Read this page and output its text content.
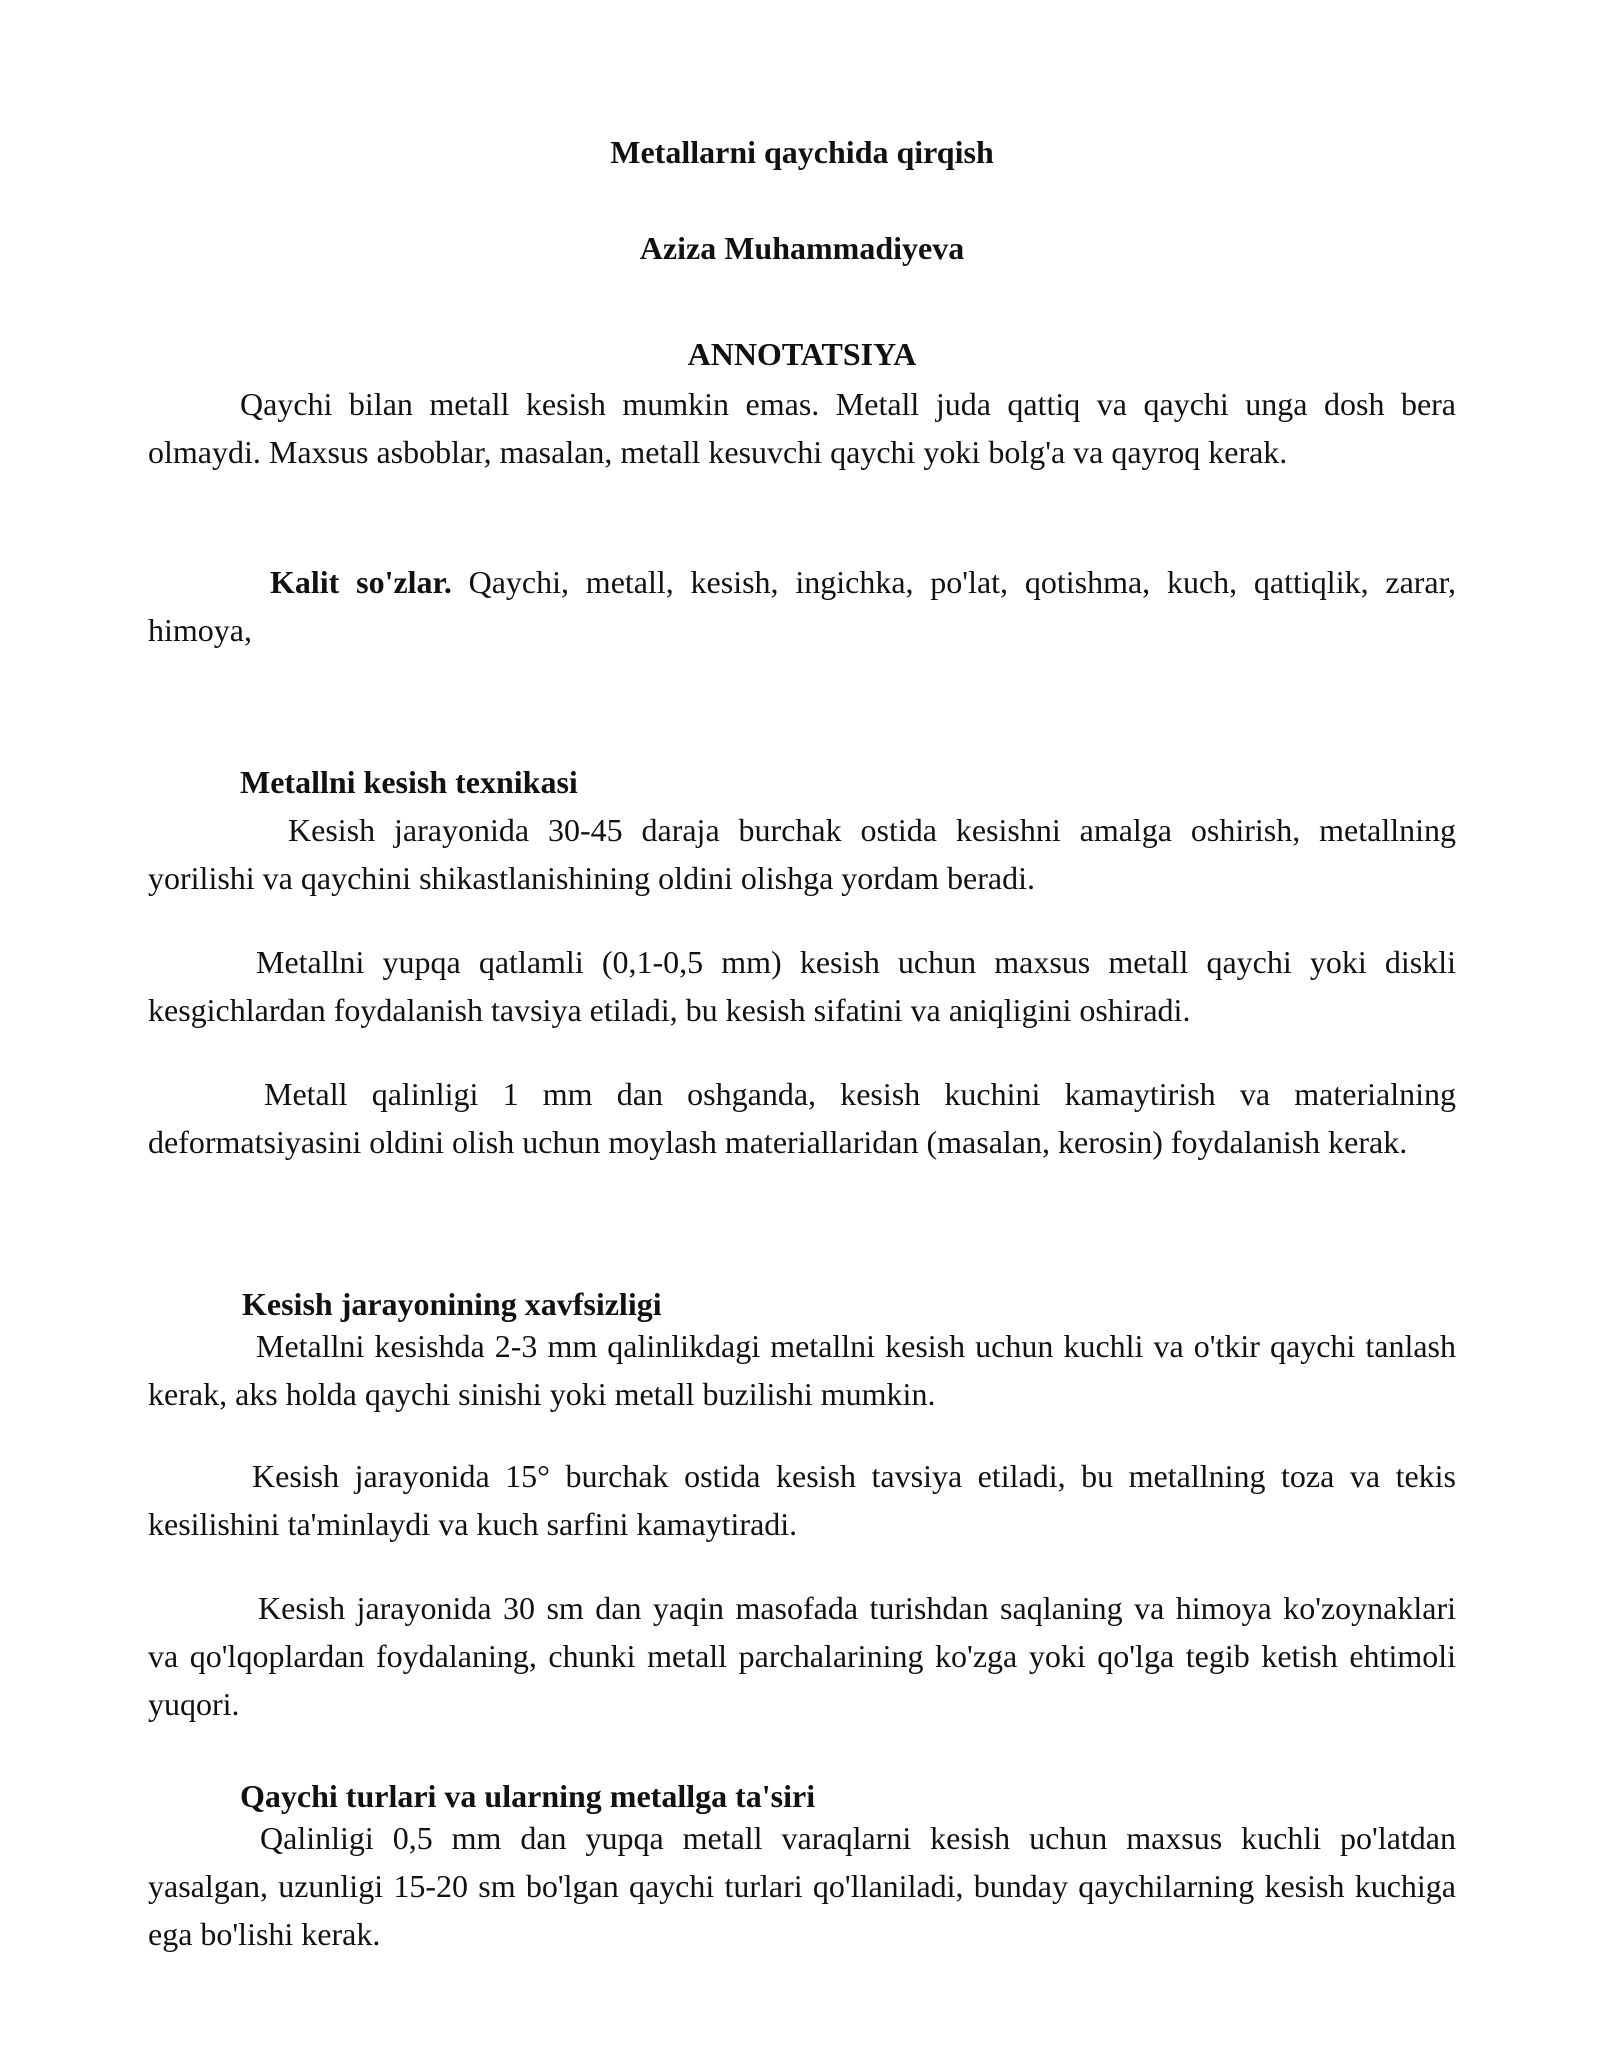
Metallarni qaychida qirqish
Aziza Muhammadiyeva
ANNOTATSIYA

Qaychi bilan metall kesish mumkin emas. Metall juda qattiq va qaychi unga dosh bera olmaydi. Maxsus asboblar, masalan, metall kesuvchi qaychi yoki bolg'a va qayroq kerak.

Kalit so'zlar. Qaychi, metall, kesish, ingichka, po'lat, qotishma, kuch, qattiqlik, zarar, himoya,

Metallni kesish texnikasi

Kesish jarayonida 30-45 daraja burchak ostida kesishni amalga oshirish, metallning yorilishi va qaychini shikastlanishining oldini olishga yordam beradi.

Metallni yupqa qatlamli (0,1-0,5 mm) kesish uchun maxsus metall qaychi yoki diskli kesgichlardan foydalanish tavsiya etiladi, bu kesish sifatini va aniqligini oshiradi.

Metall qalinligi 1 mm dan oshganda, kesish kuchini kamaytirish va materialning deformatsiyasini oldini olish uchun moylash materiallaridan (masalan, kerosin) foydalanish kerak.

Kesish jarayonining xavfsizligi

Metallni kesishda 2-3 mm qalinlikdagi metallni kesish uchun kuchli va o'tkir qaychi tanlash kerak, aks holda qaychi sinishi yoki metall buzilishi mumkin.

Kesish jarayonida 15° burchak ostida kesish tavsiya etiladi, bu metallning toza va tekis kesilishini ta'minlaydi va kuch sarfini kamaytiradi.

Kesish jarayonida 30 sm dan yaqin masofada turishdan saqlaning va himoya ko'zoynaklari va qo'lqoplardan foydalaning, chunki metall parchalarining ko'zga yoki qo'lga tegib ketish ehtimoli yuqori.

Qaychi turlari va ularning metallga ta'siri

Qalinligi 0,5 mm dan yupqa metall varaqlarni kesish uchun maxsus kuchli po'latdan yasalgan, uzunligi 15-20 sm bo'lgan qaychi turlari qo'llaniladi, bunday qaychilarning kesish kuchiga ega bo'lishi kerak.
